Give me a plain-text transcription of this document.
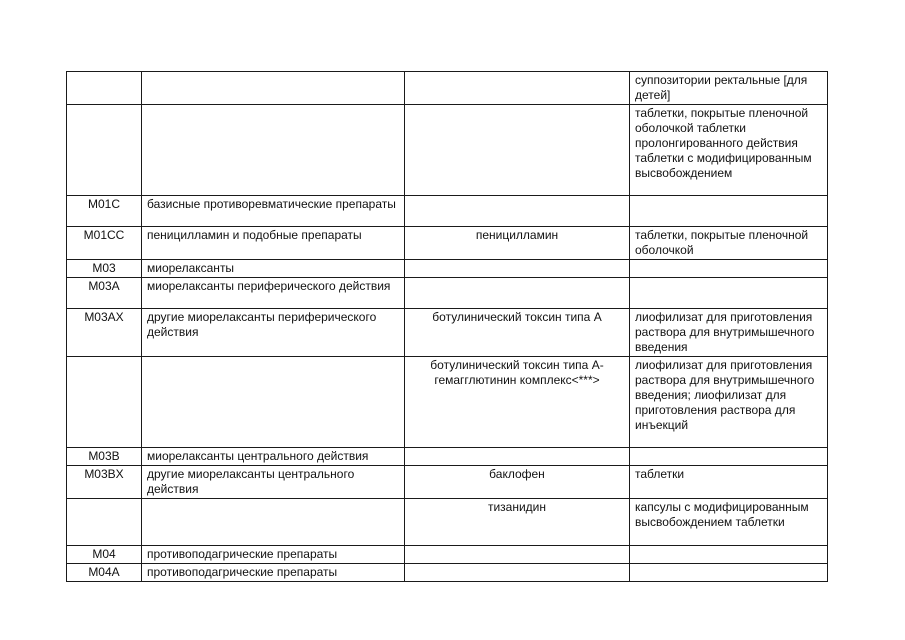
			суппозитории ректальные [для детей]
			таблетки, покрытые пленочной оболочкой таблетки пролонгированного действия таблетки с модифицированным высвобождением
M01C	базисные противоревматические препараты		
M01CC	пеницилламин и подобные препараты	пеницилламин	таблетки, покрытые пленочной оболочкой
M03	миорелаксанты		
M03A	миорелаксанты периферического действия		
M03AX	другие миорелаксанты периферического действия	ботулинический токсин типа А	лиофилизат для приготовления раствора для внутримышечного введения
		ботулинический токсин типа А-гемагглютинин комплекс<***>	лиофилизат для приготовления раствора для внутримышечного введения; лиофилизат для приготовления раствора для инъекций
M03B	миорелаксанты центрального действия		
M03BX	другие миорелаксанты центрального действия	баклофен	таблетки
		тизанидин	капсулы с модифицированным высвобождением таблетки
M04	противоподагрические препараты		
M04A	противоподагрические препараты		
